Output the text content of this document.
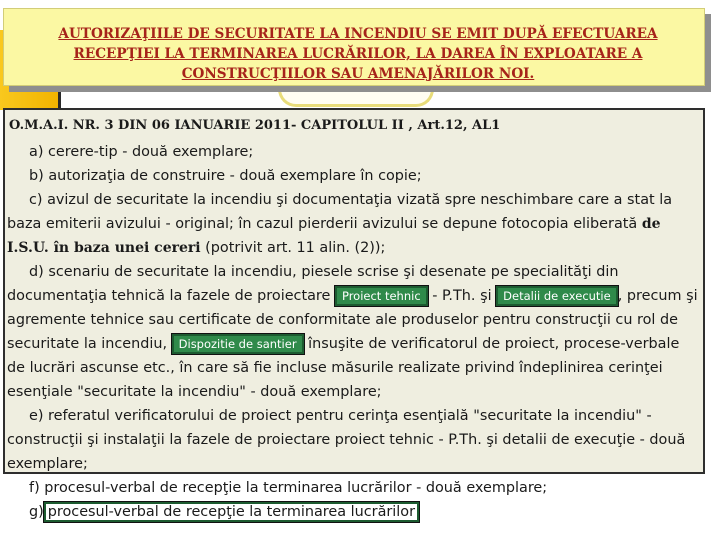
AUTORIZAŢIILE DE SECURITATE LA INCENDIU SE EMIT DUPĂ EFECTUAREA RECEPŢIEI LA TERMINAREA LUCRĂRILOR, LA DAREA ÎN EXPLOATARE A CONSTRUCŢIILOR SAU AMENAJĂRILOR NOI.

O.M.A.I. NR. 3 DIN 06 IANUARIE 2011- CAPITOLUL II , Art.12, AL1

a) cerere-tip - două exemplare;
b) autorizaţia de construire - două exemplare în copie;
c) avizul de securitate la incendiu şi documentaţia vizată spre neschimbare care a stat la baza emiterii avizului - original; în cazul pierderii avizului se depune fotocopia eliberată de I.S.U. în baza unei cereri (potrivit art. 11 alin. (2));
d) scenariu de securitate la incendiu, piesele scrise şi desenate pe specialităţi din documentaţia tehnică la fazele de proiectare Proiect tehnic - P.Th. şi Detalii de executie , precum şi agremente tehnice sau certificate de conformitate ale produselor pentru construcţii cu rol de securitate la incendiu, Dispozitie de santier însuşite de verificatorul de proiect, procese-verbale de lucrări ascunse etc., în care să fie incluse măsurile realizate privind îndeplinirea cerinţei esenţiale "securitate la incendiu" - două exemplare;
e) referatul verificatorului de proiect pentru cerinţa esenţială "securitate la incendiu" - construcţii şi instalaţii la fazele de proiectare proiect tehnic - P.Th. şi detalii de execuţie - două exemplare;
f) procesul-verbal de recepţie la terminarea lucrărilor - două exemplare;
g) procesul-verbal de recepţie la terminarea lucrărilor
